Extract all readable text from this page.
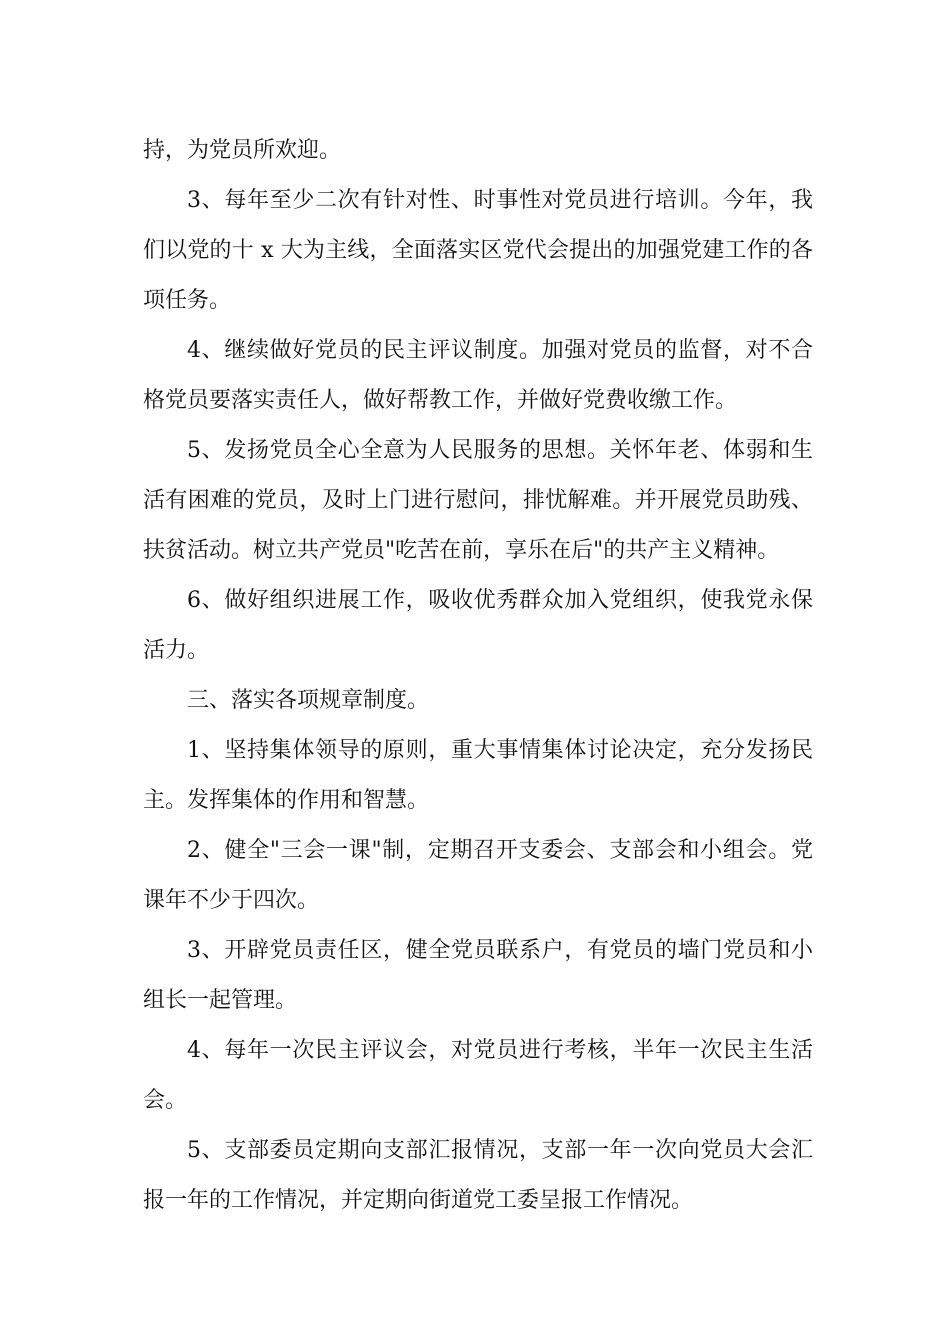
持，为党员所欢迎。

3、每年至少二次有针对性、时事性对党员进行培训。今年，我们以党的十 x 大为主线，全面落实区党代会提出的加强党建工作的各项任务。

4、继续做好党员的民主评议制度。加强对党员的监督，对不合格党员要落实责任人，做好帮教工作，并做好党费收缴工作。

5、发扬党员全心全意为人民服务的思想。关怀年老、体弱和生活有困难的党员，及时上门进行慰问，排忧解难。并开展党员助残、扶贫活动。树立共产党员"吃苦在前，享乐在后"的共产主义精神。

6、做好组织进展工作，吸收优秀群众加入党组织，使我党永保活力。

三、落实各项规章制度。

1、坚持集体领导的原则，重大事情集体讨论决定，充分发扬民主。发挥集体的作用和智慧。

2、健全"三会一课"制，定期召开支委会、支部会和小组会。党课年不少于四次。

3、开辟党员责任区，健全党员联系户，有党员的墙门党员和小组长一起管理。

4、每年一次民主评议会，对党员进行考核，半年一次民主生活会。

5、支部委员定期向支部汇报情况，支部一年一次向党员大会汇报一年的工作情况，并定期向街道党工委呈报工作情况。
